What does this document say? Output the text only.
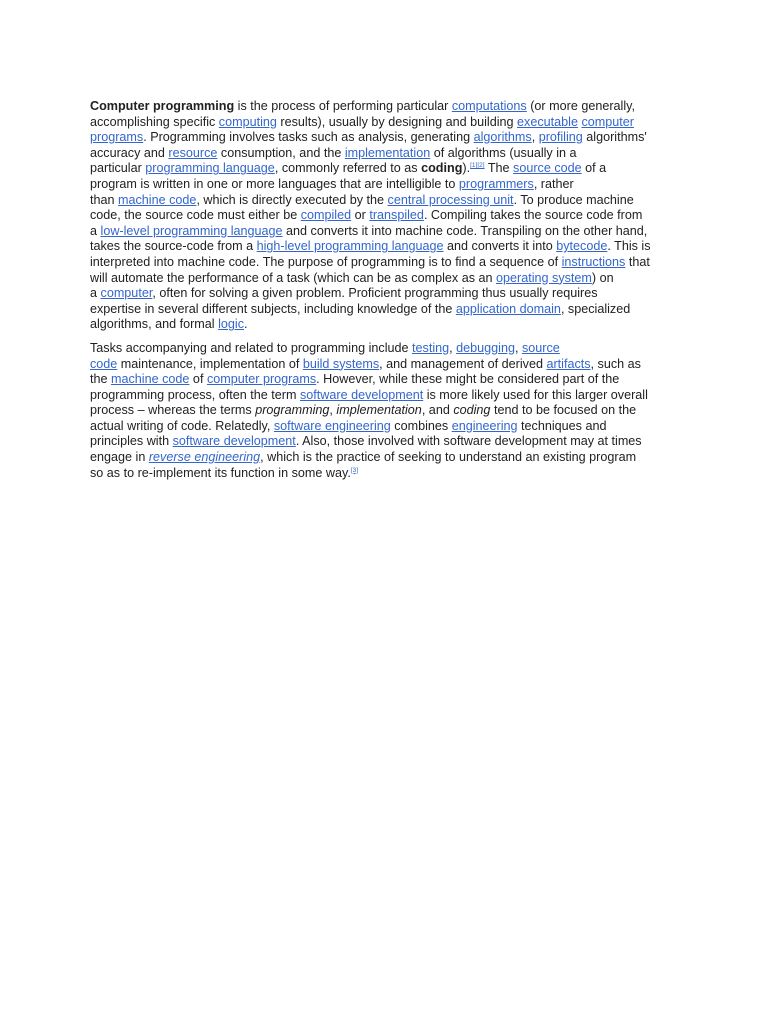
Computer programming is the process of performing particular computations (or more generally,
accomplishing specific computing results), usually by designing and building executable computer
programs. Programming involves tasks such as analysis, generating algorithms, profiling algorithms'
accuracy and resource consumption, and the implementation of algorithms (usually in a
particular programming language, commonly referred to as coding).[1][2] The source code of a
program is written in one or more languages that are intelligible to programmers, rather
than machine code, which is directly executed by the central processing unit. To produce machine
code, the source code must either be compiled or transpiled. Compiling takes the source code from
a low-level programming language and converts it into machine code. Transpiling on the other hand,
takes the source-code from a high-level programming language and converts it into bytecode. This is
interpreted into machine code. The purpose of programming is to find a sequence of instructions that
will automate the performance of a task (which can be as complex as an operating system) on
a computer, often for solving a given problem. Proficient programming thus usually requires
expertise in several different subjects, including knowledge of the application domain, specialized
algorithms, and formal logic.
Tasks accompanying and related to programming include testing, debugging, source
code maintenance, implementation of build systems, and management of derived artifacts, such as
the machine code of computer programs. However, while these might be considered part of the
programming process, often the term software development is more likely used for this larger overall
process – whereas the terms programming, implementation, and coding tend to be focused on the
actual writing of code. Relatedly, software engineering combines engineering techniques and
principles with software development. Also, those involved with software development may at times
engage in reverse engineering, which is the practice of seeking to understand an existing program
so as to re-implement its function in some way.[3]
